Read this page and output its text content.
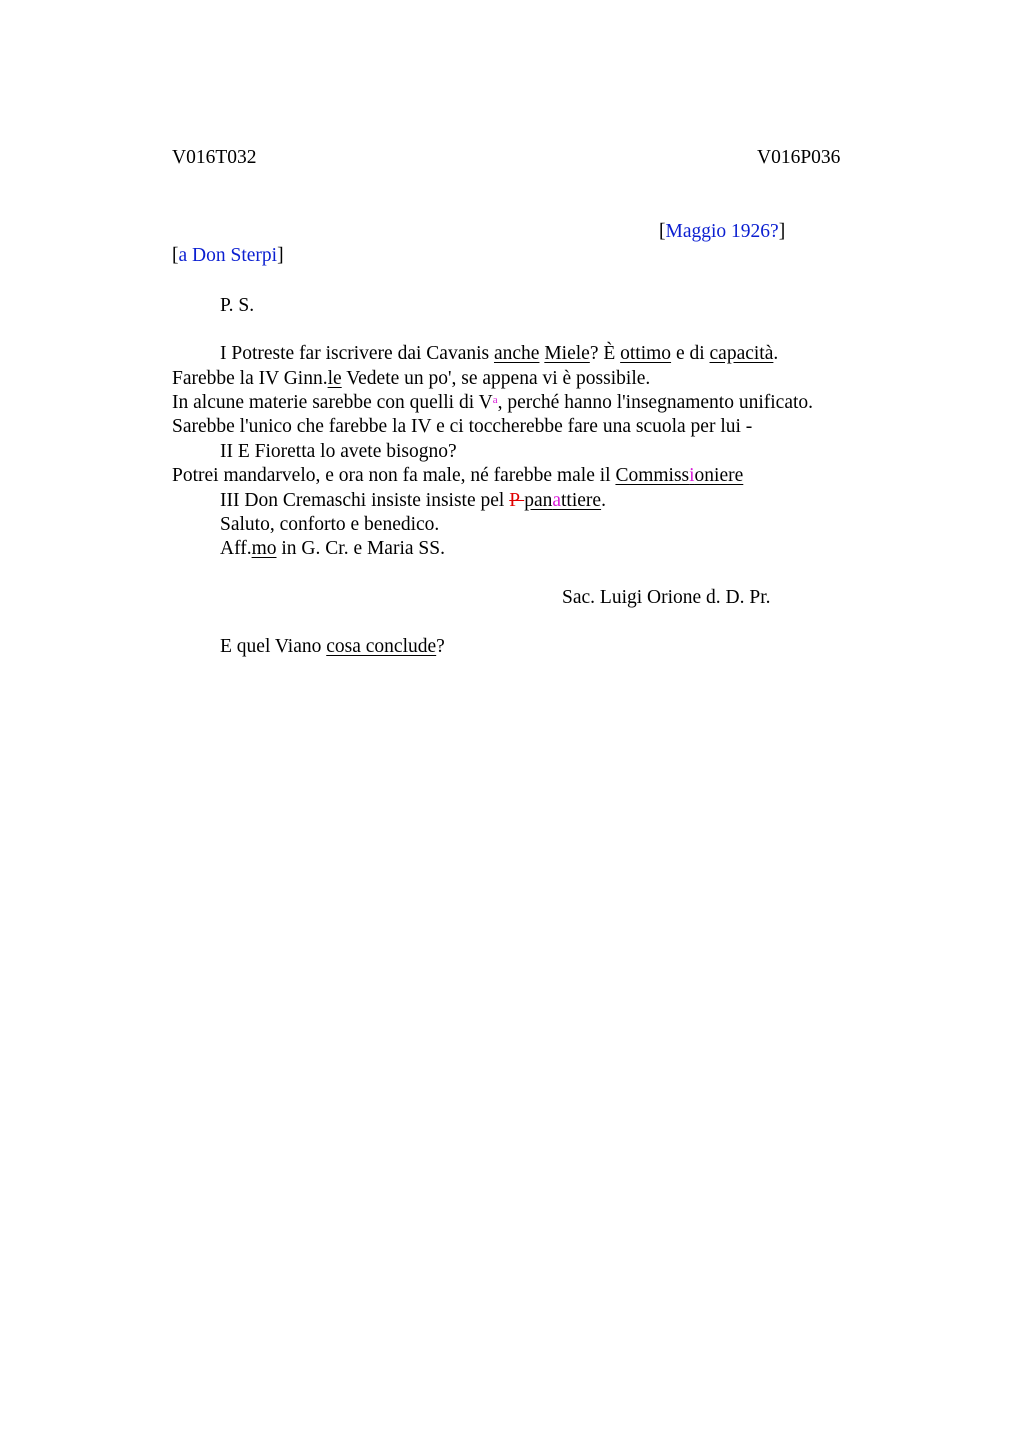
V016T032	V016P036
[Maggio 1926?]
[a Don Sterpi]
P. S.
I Potreste far iscrivere dai Cavanis anche Miele? È ottimo e di capacità.
Farebbe la IV Ginn.le Vedete un po', se appena vi è possibile.
In alcune materie sarebbe con quelli di $V^a$, perché hanno l'insegnamento unificato.
Sarebbe l'unico che farebbe la IV e ci toccherebbe fare una scuola per lui -
II E Fioretta lo avete bisogno?
Potrei mandarvelo, e ora non fa male, né farebbe male il Commissioniere
III Don Cremaschi insiste insiste pel P panattiere.
Saluto, conforto e benedico.
Aff.mo in G. Cr. e Maria SS.
Sac. Luigi Orione d. D. Pr.
E quel Viano cosa conclude?
